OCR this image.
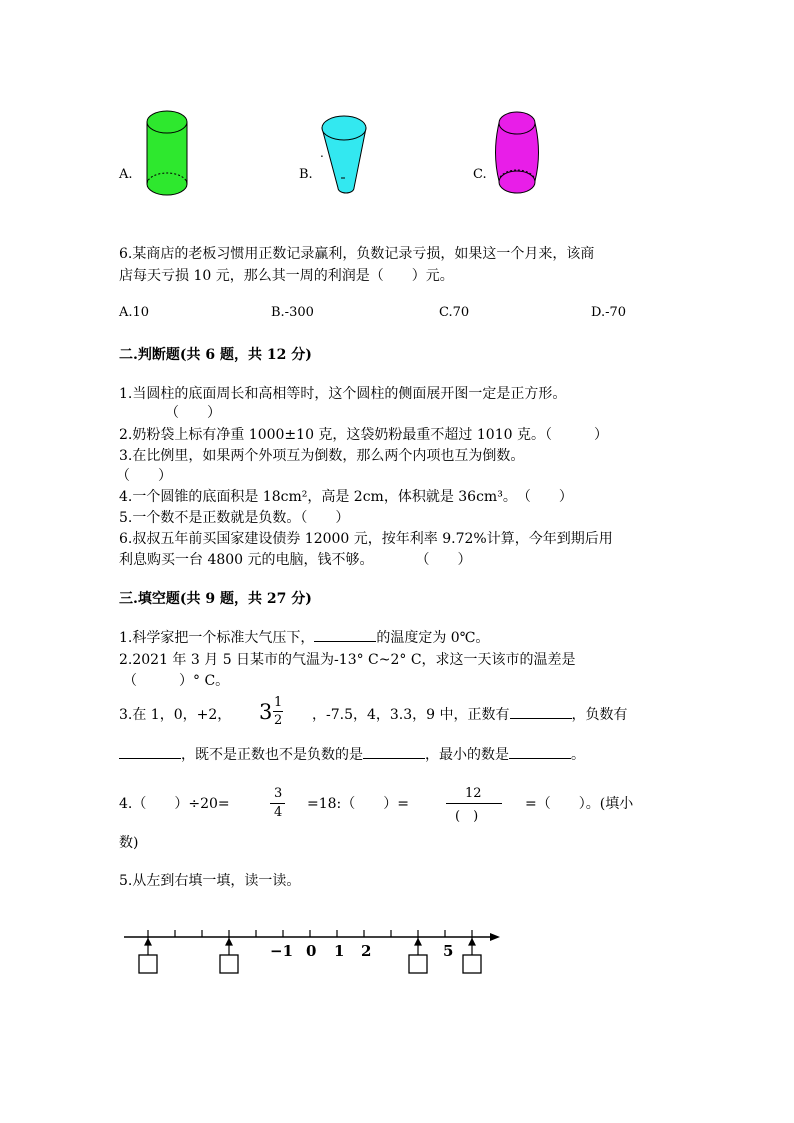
A.
.
B.	C.
6.某商店的老板习惯用正数记录赢利，负数记录亏损，如果这一个月来，该商
店每天亏损 10 元，那么其一周的利润是（　　）元。
A.10	B.-300	C.70	D.-70
二.判断题(共 6 题，共 12 分)
1.当圆柱的底面周长和高相等时，这个圆柱的侧面展开图一定是正方形。
（　　）
2.奶粉袋上标有净重 1000±10 克，这袋奶粉最重不超过 1010 克。（　　　）
3.在比例里，如果两个外项互为倒数，那么两个内项也互为倒数。
（　　）
4.一个圆锥的底面积是 18cm²，高是 2cm，体积就是 36cm³。　（　　）
5.一个数不是正数就是负数。（　　）
6.叔叔五年前买国家建设债券 12000 元，按年利率 9.72%计算，今年到期后用
利息购买一台 4800 元的电脑，钱不够。　　　　（　　）
三.填空题(共 9 题，共 27 分)
1.科学家把一个标准大气压下，	的温度定为 0℃。
2.2021 年 3 月 5 日某市的气温为-13° C~2° C，求这一天该市的温差是
（　　　）° C。
3.在 1，0，+2， 3 1
2 ，-7.5，4，3.3，9 中，正数有	，负数有
，既不是正数也不是负数的是	，最小的数是	。
4.（　　）÷20=
3
4
=18:（　　）=
12
(　)
=（　　）。(填小
数)
5.从左到右填一填，读一读。
−1 0 1 2	5
